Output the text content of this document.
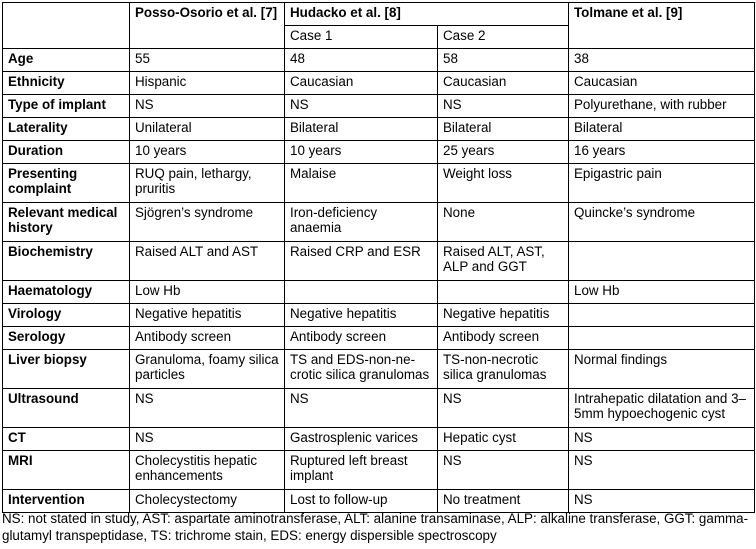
	Posso-Osorio et al. [7]	Hudacko et al. [8]		Tolmane et al. [9]
		Case 1	Case 2	
Age	55	48	58	38
Ethnicity	Hispanic	Caucasian	Caucasian	Caucasian
Type of implant	NS	NS	NS	Polyurethane, with rubber
Laterality	Unilateral	Bilateral	Bilateral	Bilateral
Duration	10 years	10 years	25 years	16 years
Presenting complaint	RUQ pain, lethargy, pruritis	Malaise	Weight loss	Epigastric pain
Relevant medical history	Sjögren’s syndrome	Iron-deficiency anaemia	None	Quincke’s syndrome
Biochemistry	Raised ALT and AST	Raised CRP and ESR	Raised ALT, AST, ALP and GGT	
Haematology	Low Hb			Low Hb
Virology	Negative hepatitis	Negative hepatitis	Negative hepatitis	
Serology	Antibody screen	Antibody screen	Antibody screen	
Liver biopsy	Granuloma, foamy silica particles	TS and EDS-non-ne-crotic silica granulomas	TS-non-necrotic silica granulomas	Normal findings
Ultrasound	NS	NS	NS	Intrahepatic dilatation and 3–5mm hypoechogenic cyst
CT	NS	Gastrosplenic varices	Hepatic cyst	NS
MRI	Cholecystitis hepatic enhancements	Ruptured left breast implant	NS	NS
Intervention	Cholecystectomy	Lost to follow-up	No treatment	NS
NS: not stated in study, AST: aspartate aminotransferase, ALT: alanine transaminase, ALP: alkaline transferase, GGT: gamma-glutamyl transpeptidase, TS: trichrome stain, EDS: energy dispersible spectroscopy
